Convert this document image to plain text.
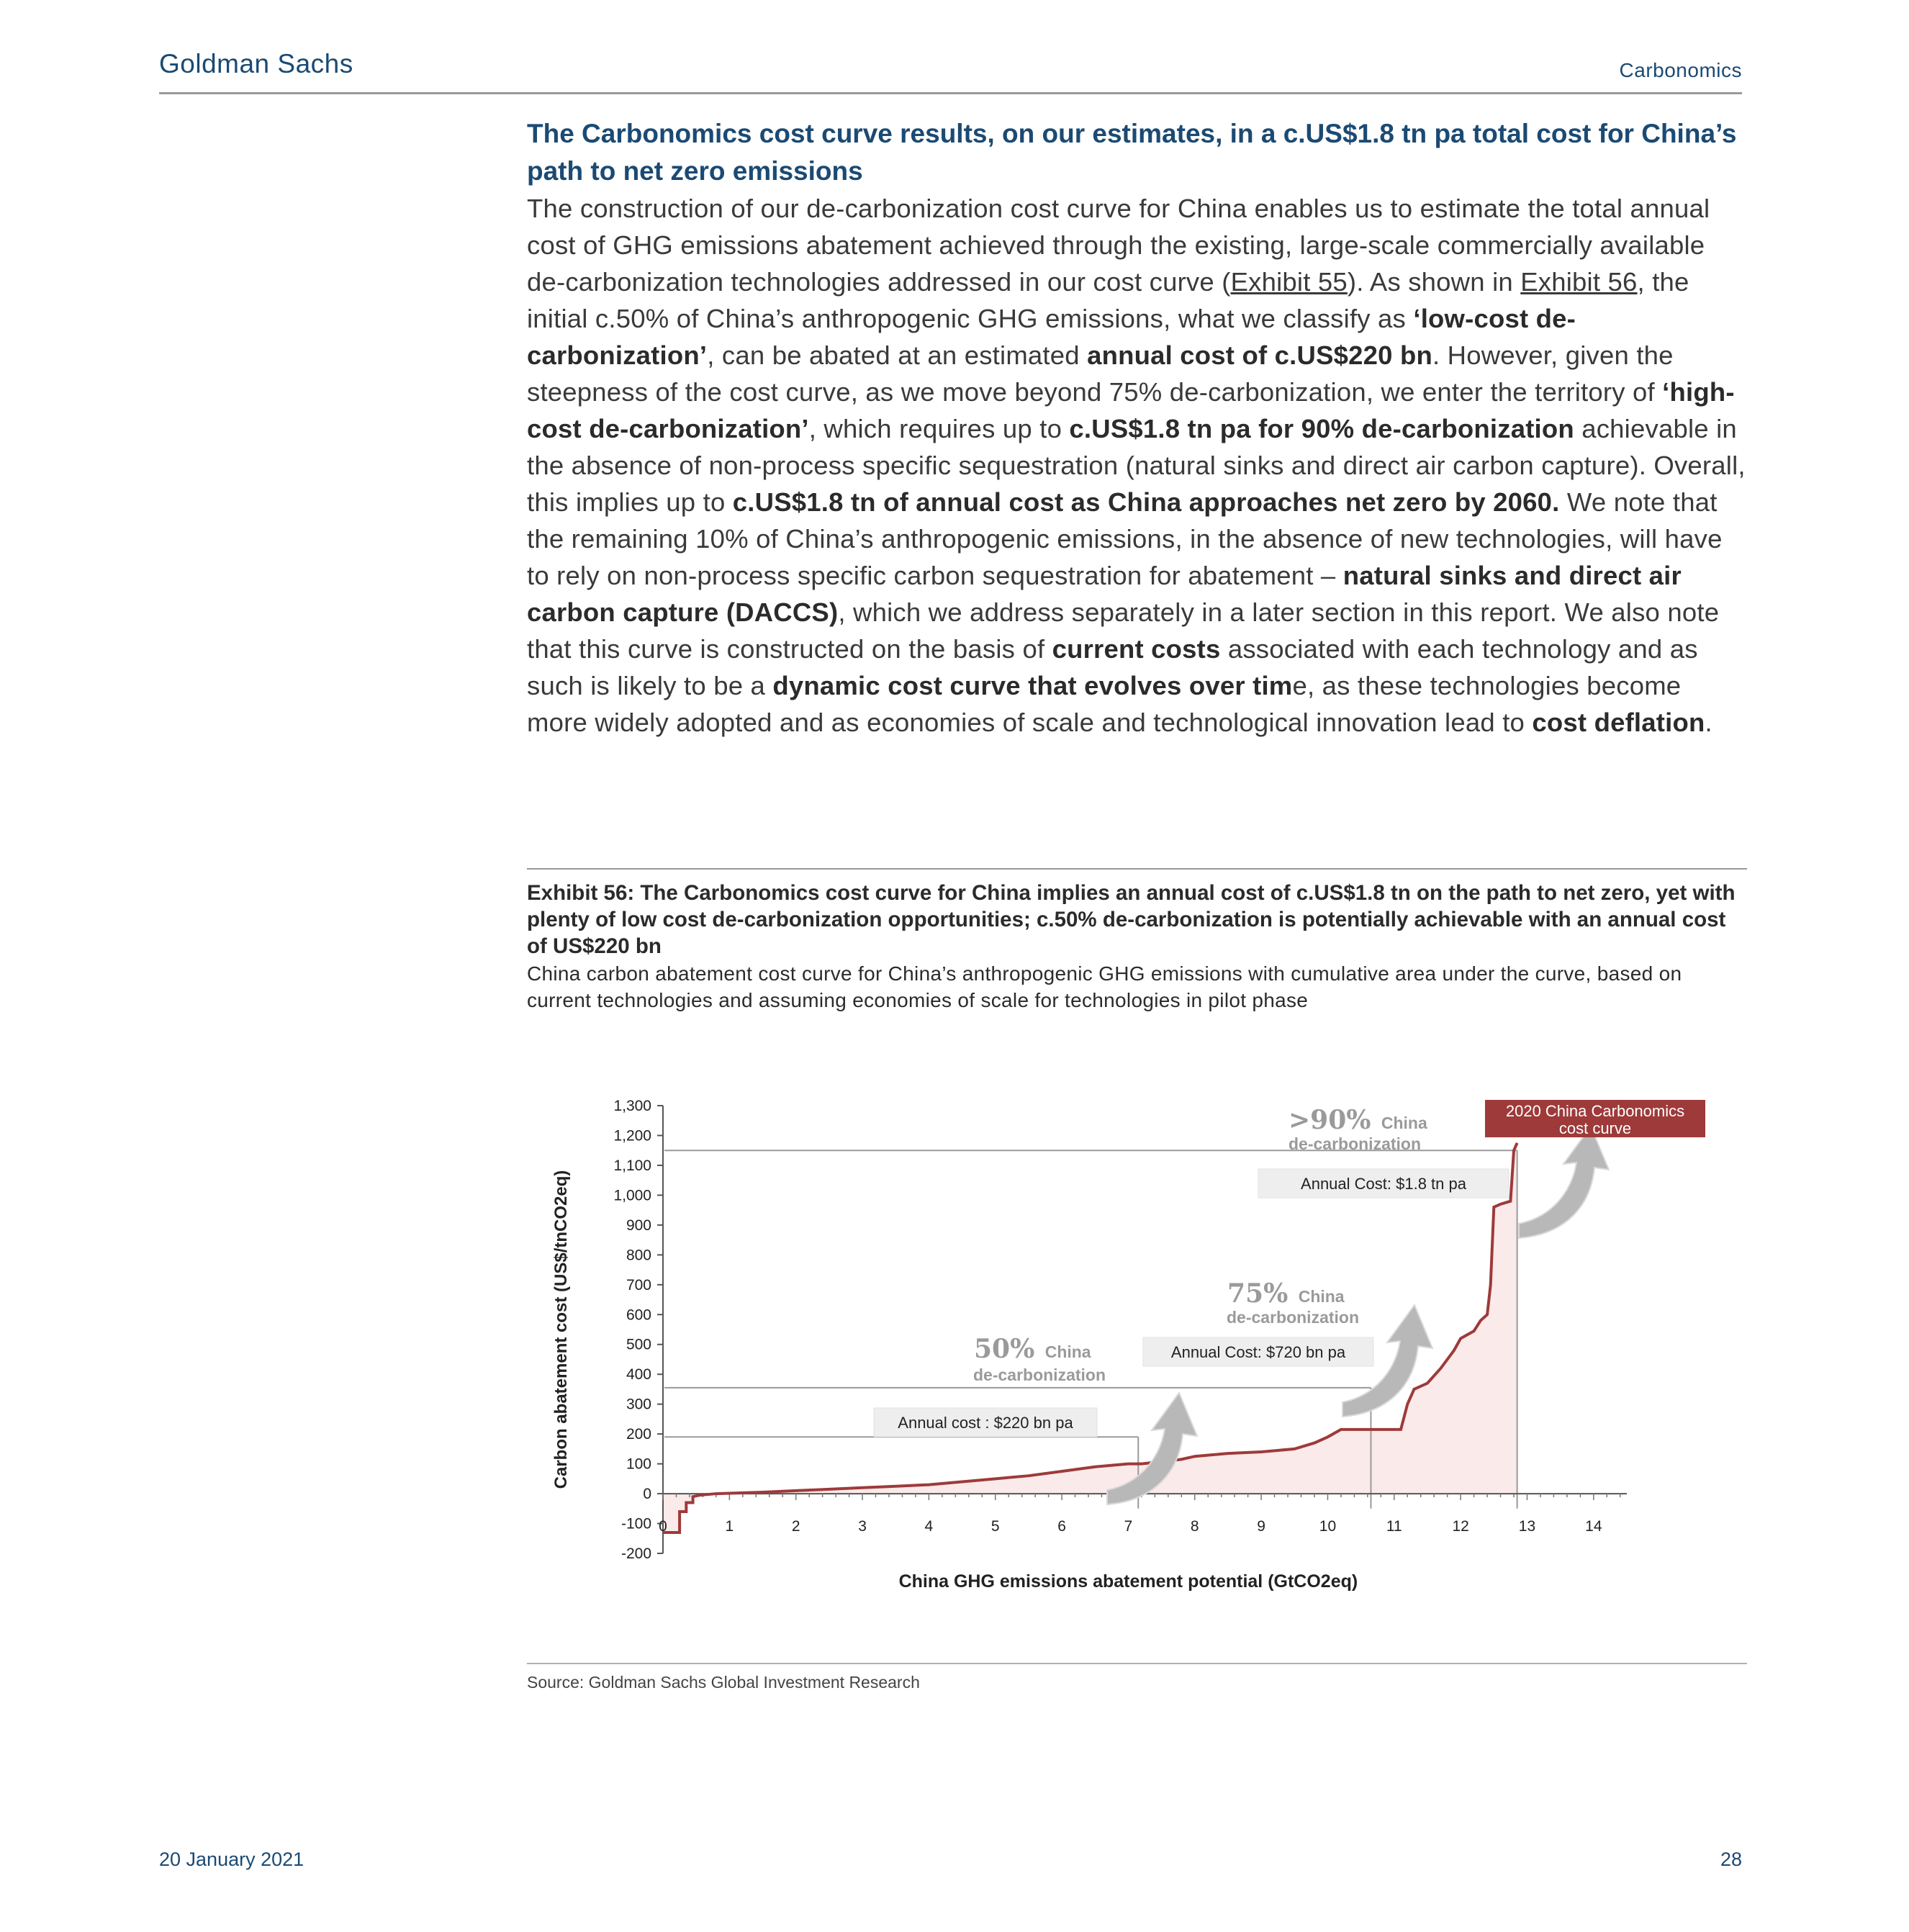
Goldman Sachs	Carbonomics
The Carbonomics cost curve results, on our estimates, in a c.US$1.8 tn pa total cost for China’s path to net zero emissions

The construction of our de-carbonization cost curve for China enables us to estimate the total annual cost of GHG emissions abatement achieved through the existing, large-scale commercially available de-carbonization technologies addressed in our cost curve (Exhibit 55). As shown in Exhibit 56, the initial c.50% of China’s anthropogenic GHG emissions, what we classify as ‘low-cost de-carbonization’, can be abated at an estimated annual cost of c.US$220 bn. However, given the steepness of the cost curve, as we move beyond 75% de-carbonization, we enter the territory of ‘high-cost de-carbonization’, which requires up to c.US$1.8 tn pa for 90% de-carbonization achievable in the absence of non-process specific sequestration (natural sinks and direct air carbon capture). Overall, this implies up to c.US$1.8 tn of annual cost as China approaches net zero by 2060. We note that the remaining 10% of China’s anthropogenic emissions, in the absence of new technologies, will have to rely on non-process specific carbon sequestration for abatement – natural sinks and direct air carbon capture (DACCS), which we address separately in a later section in this report. We also note that this curve is constructed on the basis of current costs associated with each technology and as such is likely to be a dynamic cost curve that evolves over time, as these technologies become more widely adopted and as economies of scale and technological innovation lead to cost deflation.

Exhibit 56: The Carbonomics cost curve for China implies an annual cost of c.US$1.8 tn on the path to net zero, yet with plenty of low cost de-carbonization opportunities; c.50% de-carbonization is potentially achievable with an annual cost of US$220 bn

China carbon abatement cost curve for China’s anthropogenic GHG emissions with cumulative area under the curve, based on current technologies and assuming economies of scale for technologies in pilot phase

-200
-100
0
100
200
300
400
500
600
700
800
900
1,000
1,100
1,200
1,300
0	1	2	3	4	5	6	7	8	9	10	11	12	13	14
China GHG emissions abatement potential (GtCO2eq)
Carbon abatement cost (US$/tnCO2eq)	50% China
de-carbonization
Annual cost : $220 bn pa
75% China
de-carbonization
Annual Cost: $720 bn pa
>90% China
de-carbonization
Annual Cost: $1.8 tn pa
2020 China Carbonomics
cost curve

Source: Goldman Sachs Global Investment Research

20 January 2021	28
